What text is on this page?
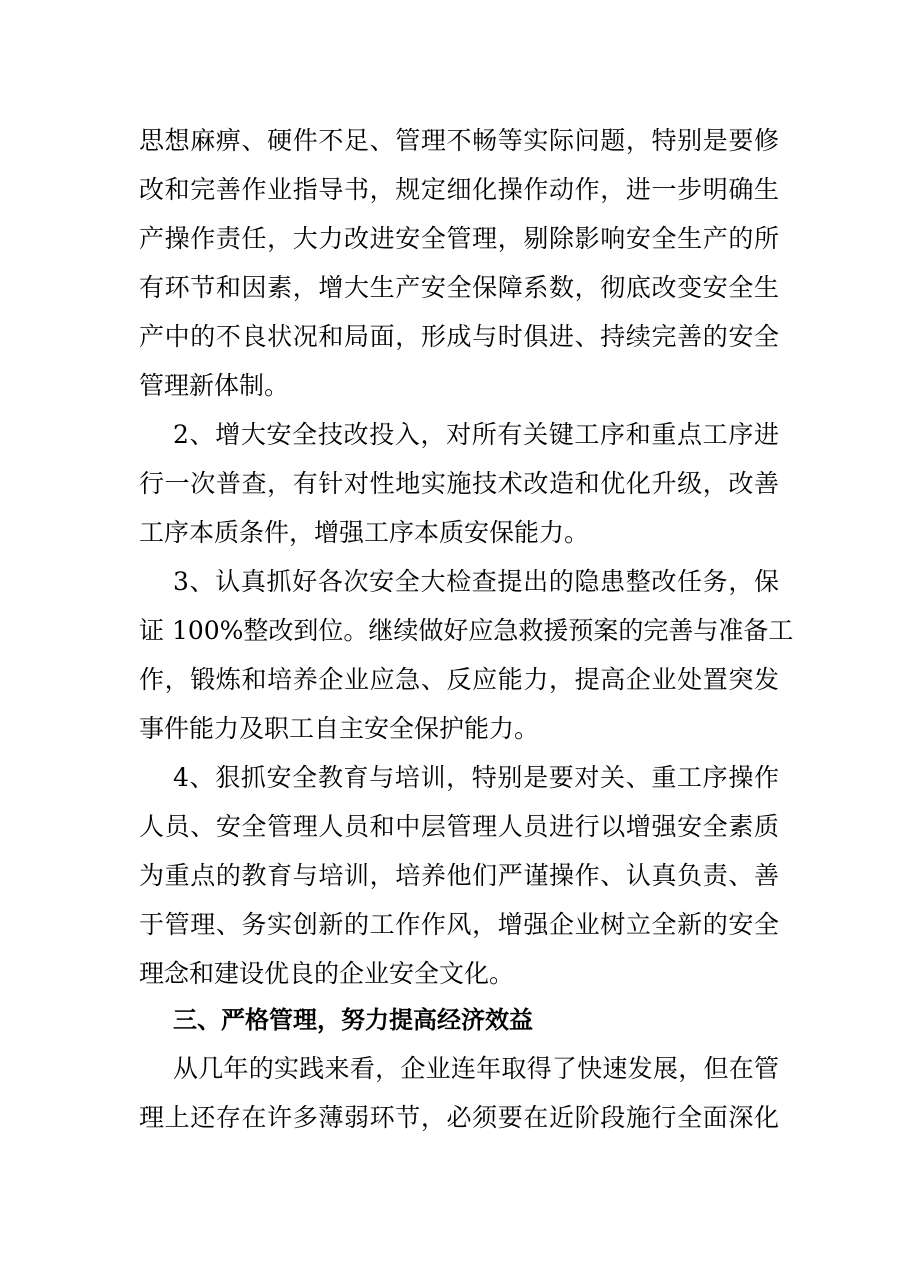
思想麻痹、硬件不足、管理不畅等实际问题，特别是要修
改和完善作业指导书，规定细化操作动作，进一步明确生
产操作责任，大力改进安全管理，剔除影响安全生产的所
有环节和因素，增大生产安全保障系数，彻底改变安全生
产中的不良状况和局面，形成与时俱进、持续完善的安全
管理新体制。
2、增大安全技改投入，对所有关键工序和重点工序进
行一次普查，有针对性地实施技术改造和优化升级，改善
工序本质条件，增强工序本质安保能力。
3、认真抓好各次安全大检查提出的隐患整改任务，保
证 100%整改到位。继续做好应急救援预案的完善与准备工
作，锻炼和培养企业应急、反应能力，提高企业处置突发
事件能力及职工自主安全保护能力。
4、狠抓安全教育与培训，特别是要对关、重工序操作
人员、安全管理人员和中层管理人员进行以增强安全素质
为重点的教育与培训，培养他们严谨操作、认真负责、善
于管理、务实创新的工作作风，增强企业树立全新的安全
理念和建设优良的企业安全文化。
三、严格管理，努力提高经济效益
从几年的实践来看，企业连年取得了快速发展，但在管
理上还存在许多薄弱环节，必须要在近阶段施行全面深化
